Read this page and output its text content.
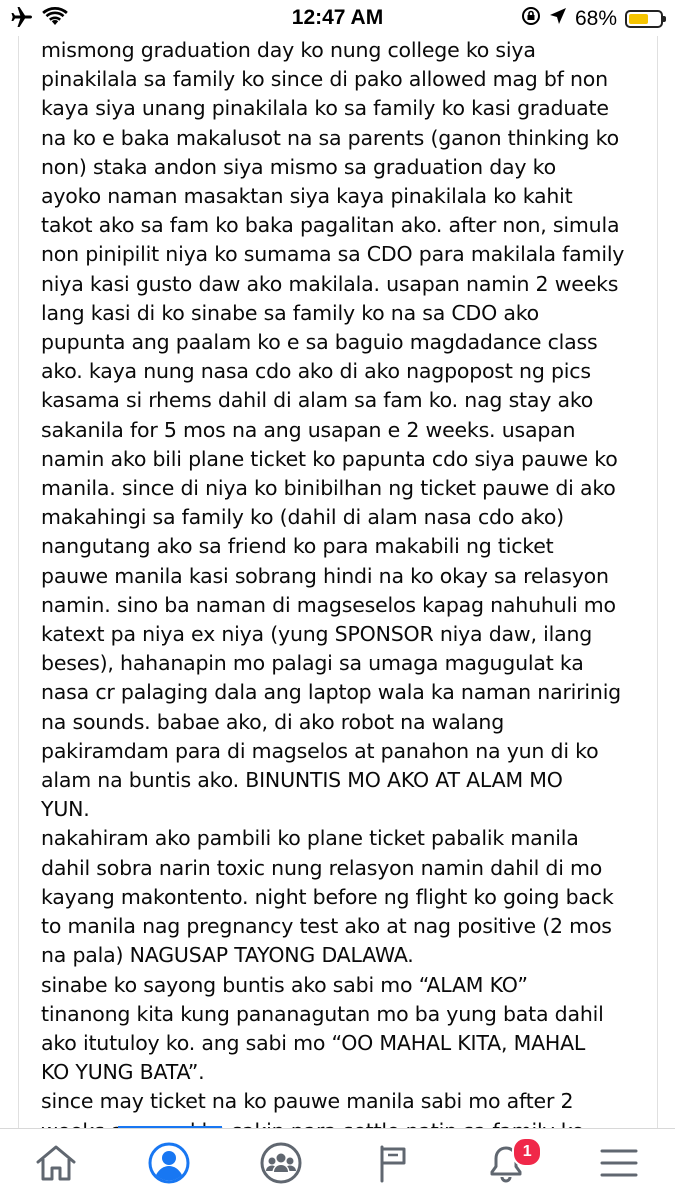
12:47 AM	68%
mismong graduation day ko nung college ko siya
pinakilala sa family ko since di pako allowed mag bf non
kaya siya unang pinakilala ko sa family ko kasi graduate
na ko e baka makalusot na sa parents (ganon thinking ko
non) staka andon siya mismo sa graduation day ko
ayoko naman masaktan siya kaya pinakilala ko kahit
takot ako sa fam ko baka pagalitan ako. after non, simula
non pinipilit niya ko sumama sa CDO para makilala family
niya kasi gusto daw ako makilala. usapan namin 2 weeks
lang kasi di ko sinabe sa family ko na sa CDO ako
pupunta ang paalam ko e sa baguio magdadance class
ako. kaya nung nasa cdo ako di ako nagpopost ng pics
kasama si rhems dahil di alam sa fam ko. nag stay ako
sakanila for 5 mos na ang usapan e 2 weeks. usapan
namin ako bili plane ticket ko papunta cdo siya pauwe ko
manila. since di niya ko binibilhan ng ticket pauwe di ako
makahingi sa family ko (dahil di alam nasa cdo ako)
nangutang ako sa friend ko para makabili ng ticket
pauwe manila kasi sobrang hindi na ko okay sa relasyon
namin. sino ba naman di magseselos kapag nahuhuli mo
katext pa niya ex niya (yung SPONSOR niya daw, ilang
beses), hahanapin mo palagi sa umaga magugulat ka
nasa cr palaging dala ang laptop wala ka naman naririnig
na sounds. babae ako, di ako robot na walang
pakiramdam para di magselos at panahon na yun di ko
alam na buntis ako. BINUNTIS MO AKO AT ALAM MO
YUN.
nakahiram ako pambili ko plane ticket pabalik manila
dahil sobra narin toxic nung relasyon namin dahil di mo
kayang makontento. night before ng flight ko going back
to manila nag pregnancy test ako at nag positive (2 mos
na pala) NAGUSAP TAYONG DALAWA.
sinabe ko sayong buntis ako sabi mo “ALAM KO”
tinanong kita kung pananagutan mo ba yung bata dahil
ako itutuloy ko. ang sabi mo “OO MAHAL KITA, MAHAL
KO YUNG BATA”.
since may ticket na ko pauwe manila sabi mo after 2
1
